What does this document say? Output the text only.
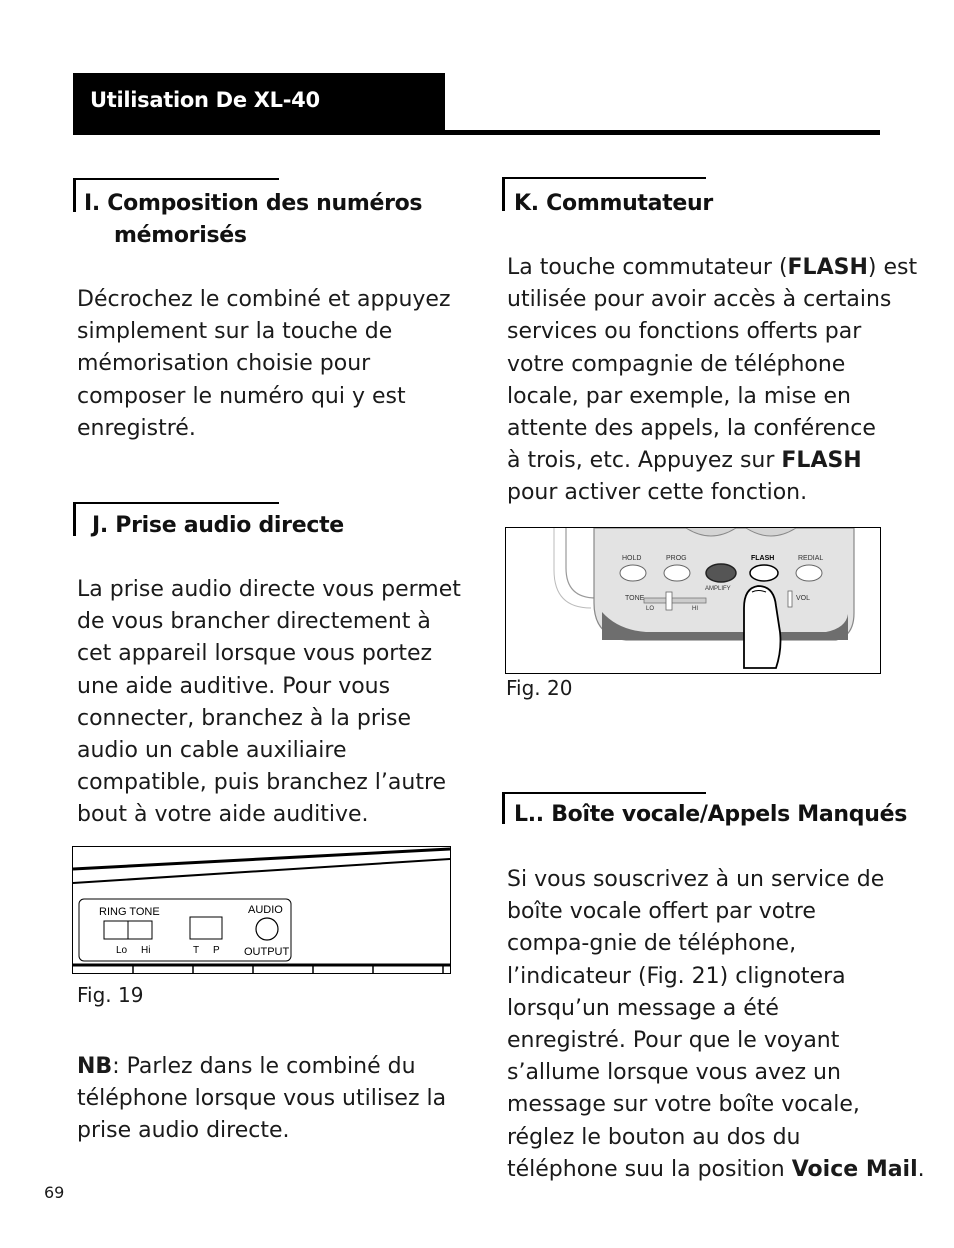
Utilisation De XL-40
I. Composition des numéros
mémorisés
Décrochez le combiné et appuyez
simplement sur la touche de
mémorisation choisie pour
composer le numéro qui y est
enregistré.
J. Prise audio directe
La prise audio directe vous permet
de vous brancher directement à
cet appareil lorsque vous portez
une aide auditive. Pour vous
connecter, branchez à la prise
audio un cable auxiliaire
compatible, puis branchez l’autre
bout à votre aide auditive.
RING TONE
Lo Hi	T P
AUDIO
OUTPUT
Fig. 19
NB: Parlez dans le combiné du
téléphone lorsque vous utilisez la
prise audio directe.
K. Commutateur
La touche commutateur (FLASH) est
utilisée pour avoir accès à certains
services ou fonctions offerts par
votre compagnie de téléphone
locale, par exemple, la mise en
attente des appels, la conférence
à trois, etc. Appuyez sur FLASH
pour activer cette fonction.
HOLD	PROG	FLASH	REDIAL
AMPLIFY
TONE
LO	HI
VOL
Fig. 20
L.. Boîte vocale/Appels Manqués
Si vous souscrivez à un service de
boîte vocale offert par votre
compa-gnie de téléphone,
l’indicateur (Fig. 21) clignotera
lorsqu’un message a été
enregistré. Pour que le voyant
s’allume lorsque vous avez un
message sur votre boîte vocale,
réglez le bouton au dos du
téléphone suu la position Voice Mail.
69
